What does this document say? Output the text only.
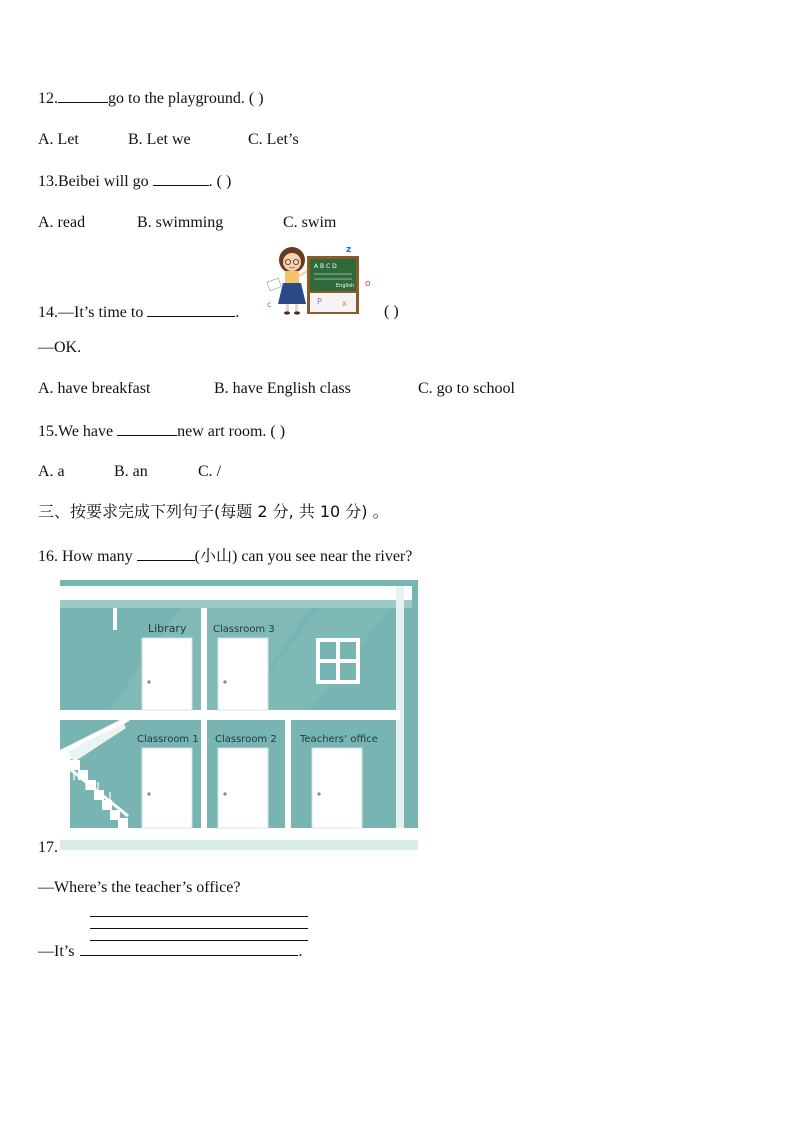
12.	go to the playground. ( )
A. Let	B. Let we	C. Let’s
13.Beibei will go	. ( )
A. read	B. swimming	C. swim
A B C D
English
P	x
z
o
c
14.—It’s time to	.	( )
—OK.
A. have breakfast	B. have English class	C. go to school
15.We have	new art room. ( )
A. a	B. an	C. /
三、按要求完成下列句子(每题 2 分, 共 10 分) 。
16. How many	(小山) can you see near the river?
Library	Classroom 3
Classroom 1 Classroom 2 Teachers’ office
17.
—Where’s the teacher’s office?
—It’s	.
